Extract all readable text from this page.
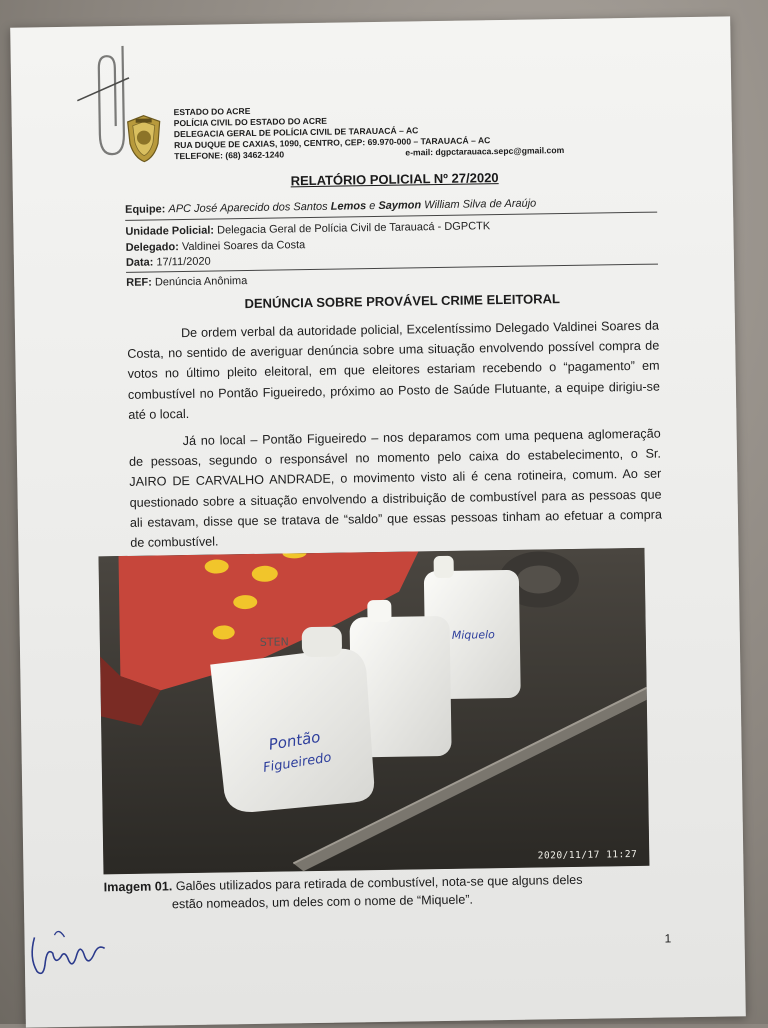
ESTADO DO ACRE
POLÍCIA CIVIL DO ESTADO DO ACRE
DELEGACIA GERAL DE POLÍCIA CIVIL DE TARAUACÁ – AC
RUA DUQUE DE CAXIAS, 1090, CENTRO, CEP: 69.970-000 – TARAUACÁ – AC
TELEFONE: (68) 3462-1240	e-mail: dgpctarauaca.sepc@gmail.com
RELATÓRIO POLICIAL Nº 27/2020
Equipe: APC José Aparecido dos Santos Lemos e Saymon William Silva de Araújo
Unidade Policial: Delegacia Geral de Polícia Civil de Tarauacá - DGPCTK
Delegado: Valdinei Soares da Costa
Data: 17/11/2020
REF: Denúncia Anônima
DENÚNCIA SOBRE PROVÁVEL CRIME ELEITORAL
De ordem verbal da autoridade policial, Excelentíssimo Delegado Valdinei Soares da
Costa, no sentido de averiguar denúncia sobre uma situação envolvendo possível compra de
votos no último pleito eleitoral, em que eleitores estariam recebendo o “pagamento” em
combustível no Pontão Figueiredo, próximo ao Posto de Saúde Flutuante, a equipe dirigiu-se
até o local.
Já no local – Pontão Figueiredo – nos deparamos com uma pequena aglomeração
de pessoas, segundo o responsável no momento pelo caixa do estabelecimento, o Sr.
JAIRO DE CARVALHO ANDRADE, o movimento visto ali é cena rotineira, comum. Ao ser
questionado sobre a situação envolvendo a distribuição de combustível para as pessoas que
ali estavam, disse que se tratava de “saldo” que essas pessoas tinham ao efetuar a compra
de combustível.
Miquelo
STEN
Pontão
Figueiredo
2020/11/17 11:27
Imagem 01. Galões utilizados para retirada de combustível, nota-se que alguns deles
estão nomeados, um deles com o nome de “Miquele”.
1
